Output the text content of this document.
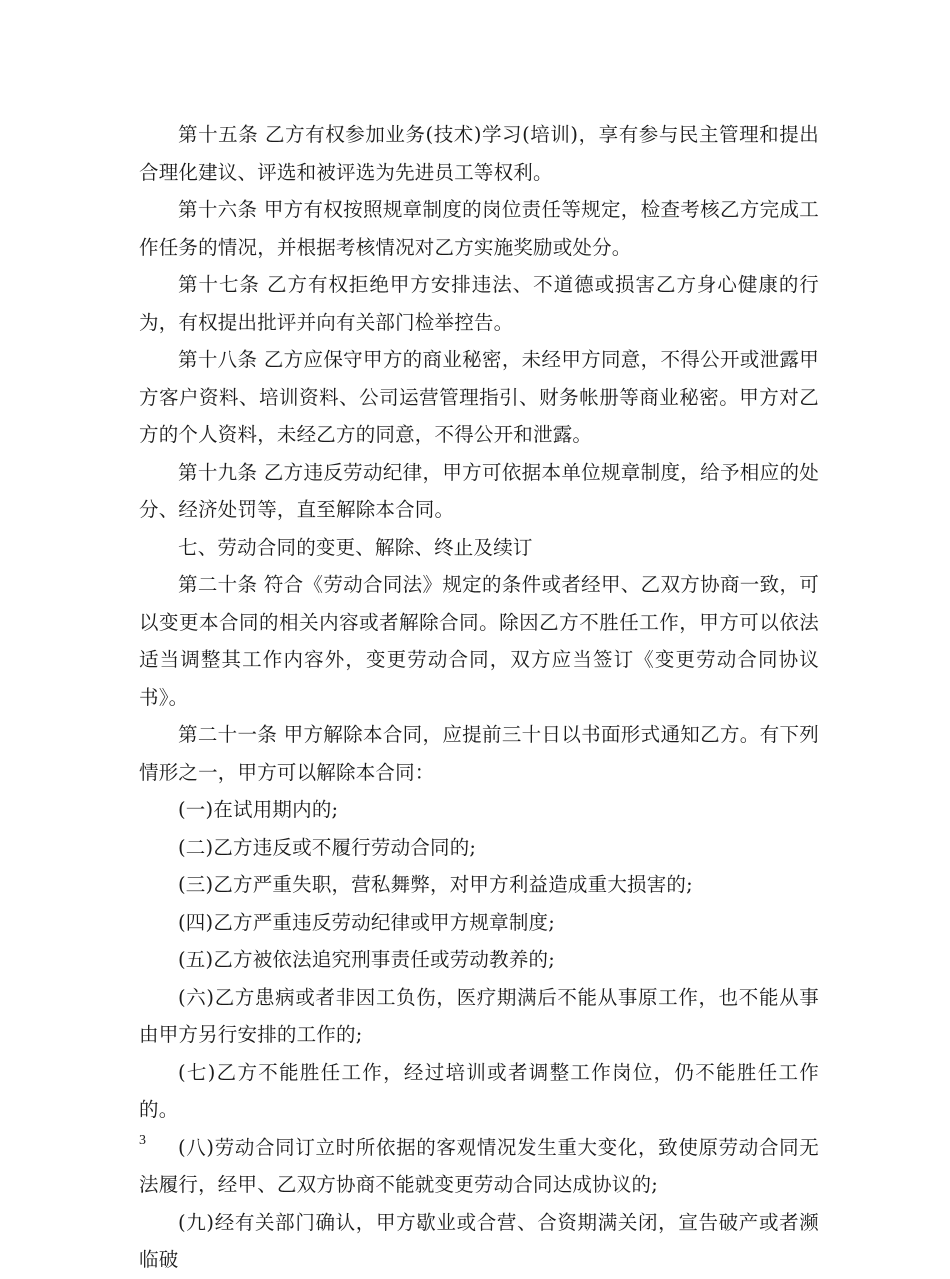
第十五条 乙方有权参加业务(技术)学习(培训)，享有参与民主管理和提出合理化建议、评选和被评选为先进员工等权利。

第十六条 甲方有权按照规章制度的岗位责任等规定，检查考核乙方完成工作任务的情况，并根据考核情况对乙方实施奖励或处分。

第十七条 乙方有权拒绝甲方安排违法、不道德或损害乙方身心健康的行为，有权提出批评并向有关部门检举控告。

第十八条 乙方应保守甲方的商业秘密，未经甲方同意，不得公开或泄露甲方客户资料、培训资料、公司运营管理指引、财务帐册等商业秘密。甲方对乙方的个人资料，未经乙方的同意，不得公开和泄露。

第十九条 乙方违反劳动纪律，甲方可依据本单位规章制度，给予相应的处分、经济处罚等，直至解除本合同。

七、劳动合同的变更、解除、终止及续订

第二十条 符合《劳动合同法》规定的条件或者经甲、乙双方协商一致，可以变更本合同的相关内容或者解除合同。除因乙方不胜任工作，甲方可以依法适当调整其工作内容外，变更劳动合同，双方应当签订《变更劳动合同协议书》。

第二十一条 甲方解除本合同，应提前三十日以书面形式通知乙方。有下列情形之一，甲方可以解除本合同：

(一)在试用期内的;

(二)乙方违反或不履行劳动合同的;

(三)乙方严重失职，营私舞弊，对甲方利益造成重大损害的;

(四)乙方严重违反劳动纪律或甲方规章制度;

(五)乙方被依法追究刑事责任或劳动教养的;

(六)乙方患病或者非因工负伤，医疗期满后不能从事原工作，也不能从事由甲方另行安排的工作的;

(七)乙方不能胜任工作，经过培训或者调整工作岗位，仍不能胜任工作的。

(八)劳动合同订立时所依据的客观情况发生重大变化，致使原劳动合同无法履行，经甲、乙双方协商不能就变更劳动合同达成协议的;

(九)经有关部门确认，甲方歇业或合营、合资期满关闭，宣告破产或者濒临破

3
